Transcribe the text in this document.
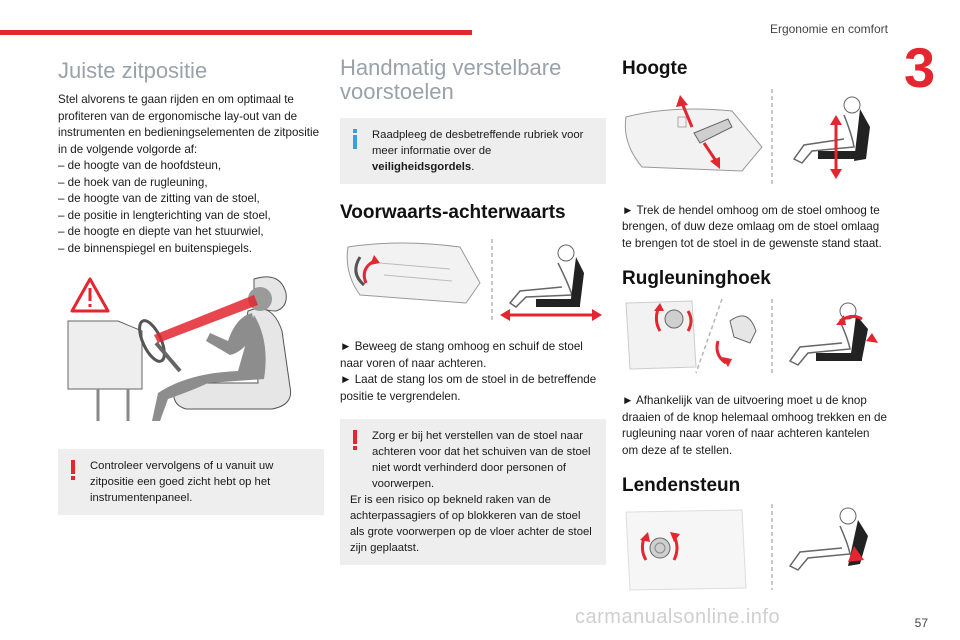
Ergonomie en comfort
3
Juiste zitpositie
Stel alvorens te gaan rijden en om optimaal te profiteren van de ergonomische lay-out van de instrumenten en bedieningselementen de zitpositie in de volgende volgorde af:
– de hoogte van de hoofdsteun,
– de hoek van de rugleuning,
– de hoogte van de zitting van de stoel,
– de positie in lengterichting van de stoel,
– de hoogte en diepte van het stuurwiel,
– de binnenspiegel en buitenspiegels.
Controleer vervolgens of u vanuit uw zitpositie een goed zicht hebt op het instrumentenpaneel.
Handmatig verstelbare voorstoelen
Raadpleeg de desbetreffende rubriek voor meer informatie over de veiligheidsgordels.
Voorwaarts-achterwaarts
► Beweeg de stang omhoog en schuif de stoel naar voren of naar achteren.
► Laat de stang los om de stoel in de betreffende positie te vergrendelen.
Zorg er bij het verstellen van de stoel naar achteren voor dat het schuiven van de stoel niet wordt verhinderd door personen of voorwerpen.
Er is een risico op bekneld raken van de achterpassagiers of op blokkeren van de stoel als grote voorwerpen op de vloer achter de stoel zijn geplaatst.
Hoogte
► Trek de hendel omhoog om de stoel omhoog te brengen, of duw deze omlaag om de stoel omlaag te brengen tot de stoel in de gewenste stand staat.
Rugleuninghoek
► Afhankelijk van de uitvoering moet u de knop draaien of de knop helemaal omhoog trekken en de rugleuning naar voren of naar achteren kantelen om deze af te stellen.
Lendensteun
carmanualsonline.info	57
